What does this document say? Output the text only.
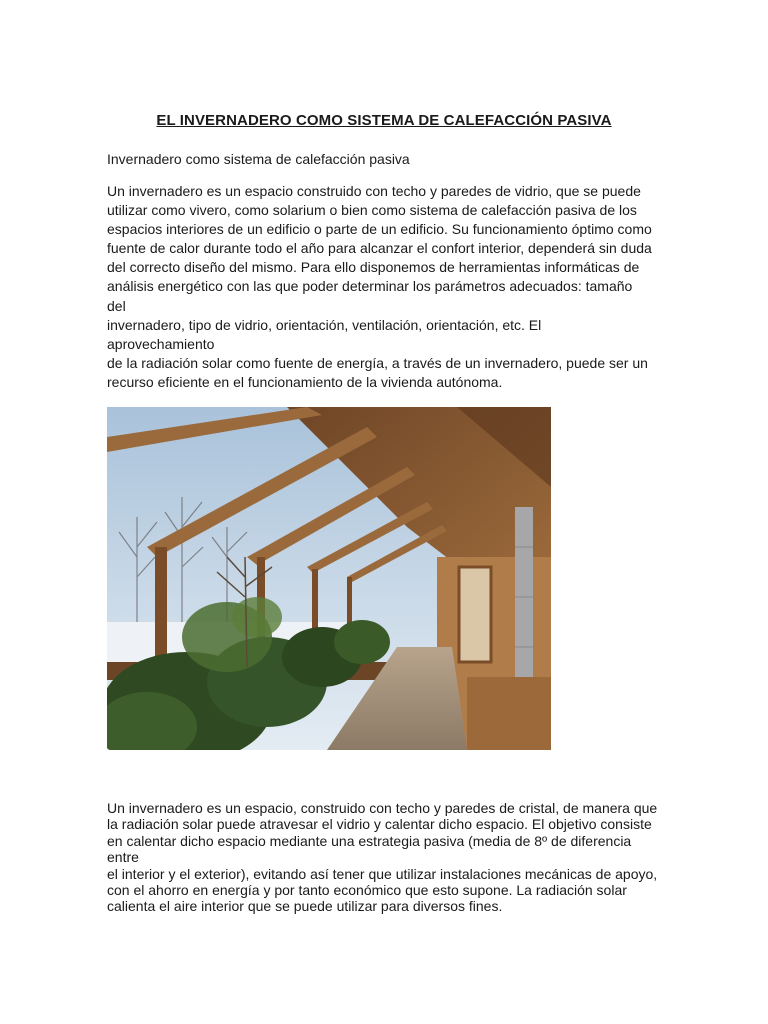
EL INVERNADERO COMO SISTEMA DE CALEFACCIÓN PASIVA

Invernadero como sistema de calefacción pasiva

Un invernadero es un espacio construido con techo y paredes de vidrio, que se puede
utilizar como vivero, como solarium o bien como sistema de calefacción pasiva de los
espacios interiores de un edificio o parte de un edificio. Su funcionamiento óptimo como
fuente de calor durante todo el año para alcanzar el confort interior, dependerá sin duda
del correcto diseño del mismo. Para ello disponemos de herramientas informáticas de
análisis energético con las que poder determinar los parámetros adecuados: tamaño del
invernadero, tipo de vidrio, orientación, ventilación, orientación, etc. El aprovechamiento
de la radiación solar como fuente de energía, a través de un invernadero, puede ser un
recurso eficiente en el funcionamiento de la vivienda autónoma.

Un invernadero es un espacio, construido con techo y paredes de cristal, de manera que
la radiación solar puede atravesar el vidrio y calentar dicho espacio. El objetivo consiste
en calentar dicho espacio mediante una estrategia pasiva (media de 8º de diferencia entre
el interior y el exterior), evitando así tener que utilizar instalaciones mecánicas de apoyo,
con el ahorro en energía y por tanto económico que esto supone. La radiación solar
calienta el aire interior que se puede utilizar para diversos fines.
